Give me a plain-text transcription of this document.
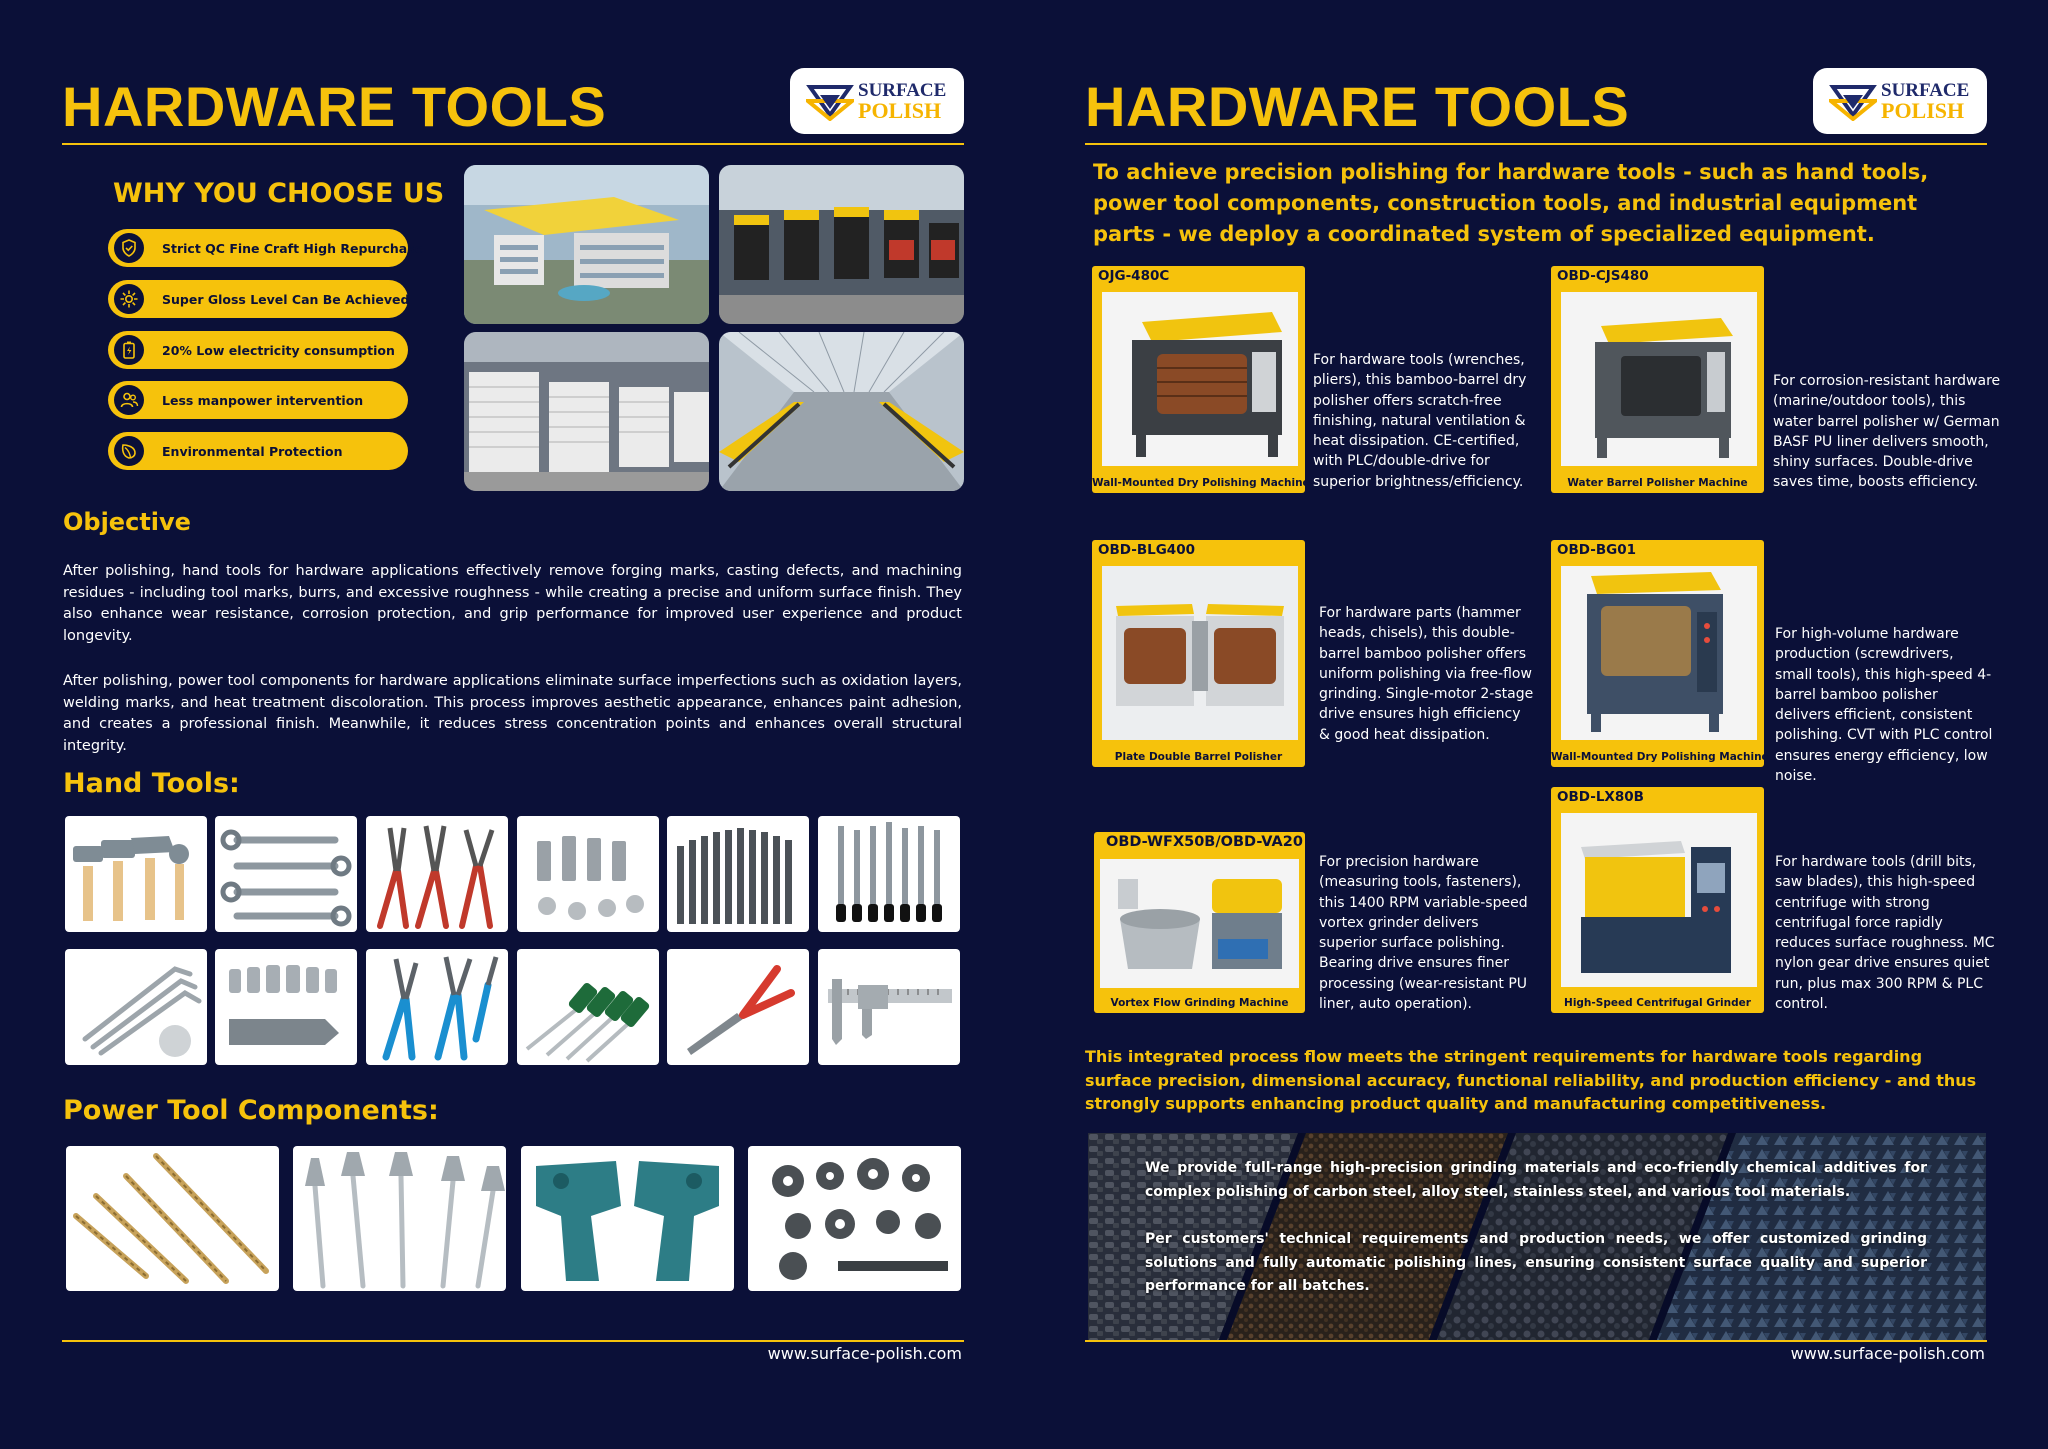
HARDWARE TOOLS	SURFACE
POLISH
WHY YOU CHOOSE US
Strict QC Fine Craft High Repurchase
Super Gloss Level Can Be Achieved
20% Low electricity consumption
Less manpower intervention
Environmental Protection
Objective
After polishing, hand tools for hardware applications effectively remove forging marks, casting defects, and machining residues - including tool marks, burrs, and excessive roughness - while creating a precise and uniform surface finish. They also enhance wear resistance, corrosion protection, and grip performance for improved user experience and product longevity.
After polishing, power tool components for hardware applications eliminate surface imperfections such as oxidation layers, welding marks, and heat treatment discoloration. This process improves aesthetic appearance, enhances paint adhesion, and creates a professional finish. Meanwhile, it reduces stress concentration points and enhances overall structural integrity.
Hand Tools:
Power Tool Components:
www.surface-polish.com
HARDWARE TOOLS	SURFACE
POLISH
To achieve precision polishing for hardware tools - such as hand tools, power tool components, construction tools, and industrial equipment parts - we deploy a coordinated system of specialized equipment.
OJG-480C
Wall-Mounted Dry Polishing Machine
For hardware tools (wrenches, pliers), this bamboo-barrel dry polisher offers scratch-free finishing, natural ventilation & heat dissipation. CE-certified, with PLC/double-drive for superior brightness/efficiency.
OBD-CJS480
Water Barrel Polisher Machine
For corrosion-resistant hardware (marine/outdoor tools), this water barrel polisher w/ German BASF PU liner delivers smooth, shiny surfaces. Double-drive saves time, boosts efficiency.
OBD-BLG400
Plate Double Barrel Polisher
For hardware parts (hammer heads, chisels), this double-barrel bamboo polisher offers uniform polishing via free-flow grinding. Single-motor 2-stage drive ensures high efficiency & good heat dissipation.
OBD-BG01
Wall-Mounted Dry Polishing Machine
For high-volume hardware production (screwdrivers, small tools), this high-speed 4-barrel bamboo polisher delivers efficient, consistent polishing. CVT with PLC control ensures energy efficiency, low noise.
OBD-WFX50B/OBD-VA20
Vortex Flow Grinding Machine
For precision hardware (measuring tools, fasteners), this 1400 RPM variable-speed vortex grinder delivers superior surface polishing. Bearing drive ensures finer processing (wear-resistant PU liner, auto operation).
OBD-LX80B
High-Speed Centrifugal Grinder
For hardware tools (drill bits, saw blades), this high-speed centrifuge with strong centrifugal force rapidly reduces surface roughness. MC nylon gear drive ensures quiet run, plus max 300 RPM & PLC control.
This integrated process flow meets the stringent requirements for hardware tools regarding surface precision, dimensional accuracy, functional reliability, and production efficiency - and thus strongly supports enhancing product quality and manufacturing competitiveness.
We provide full-range high-precision grinding materials and eco-friendly chemical additives for complex polishing of carbon steel, alloy steel, stainless steel, and various tool materials.
Per customers' technical requirements and production needs, we offer customized grinding solutions and fully automatic polishing lines, ensuring consistent surface quality and superior performance for all batches.
www.surface-polish.com
